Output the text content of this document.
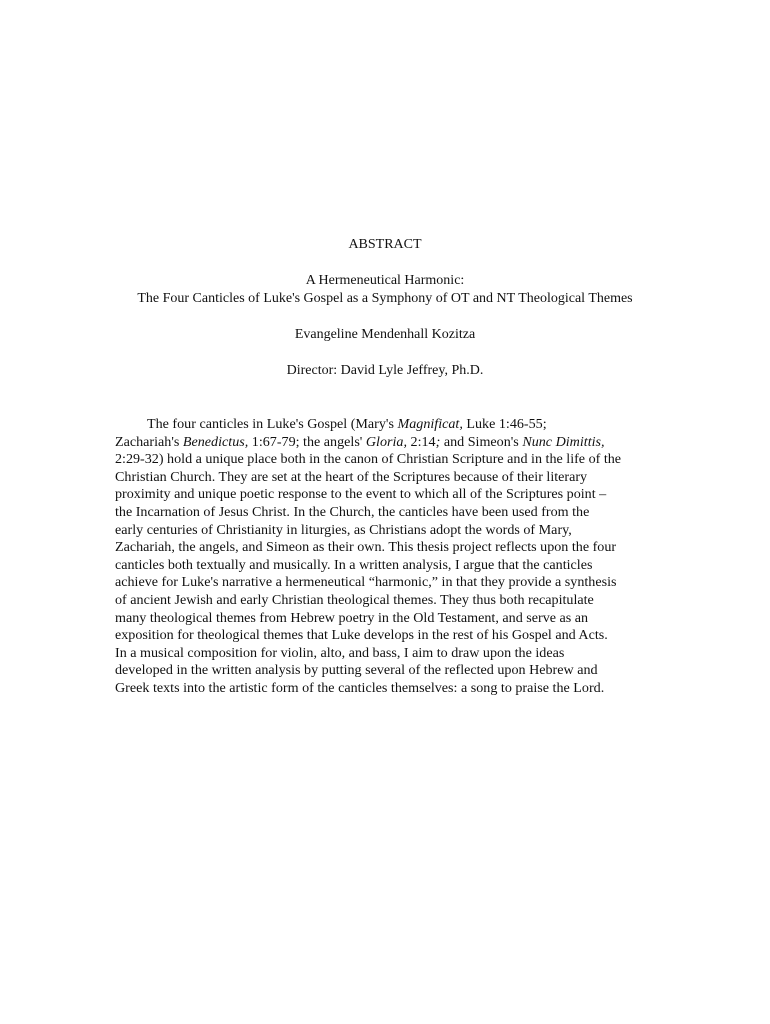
ABSTRACT
A Hermeneutical Harmonic:
The Four Canticles of Luke's Gospel as a Symphony of OT and NT Theological Themes
Evangeline Mendenhall Kozitza
Director: David Lyle Jeffrey, Ph.D.
The four canticles in Luke's Gospel (Mary's Magnificat, Luke 1:46-55;
Zachariah's Benedictus, 1:67-79; the angels' Gloria, 2:14; and Simeon's Nunc Dimittis,
2:29-32) hold a unique place both in the canon of Christian Scripture and in the life of the
Christian Church. They are set at the heart of the Scriptures because of their literary
proximity and unique poetic response to the event to which all of the Scriptures point –
the Incarnation of Jesus Christ. In the Church, the canticles have been used from the
early centuries of Christianity in liturgies, as Christians adopt the words of Mary,
Zachariah, the angels, and Simeon as their own. This thesis project reflects upon the four
canticles both textually and musically. In a written analysis, I argue that the canticles
achieve for Luke's narrative a hermeneutical “harmonic,” in that they provide a synthesis
of ancient Jewish and early Christian theological themes. They thus both recapitulate
many theological themes from Hebrew poetry in the Old Testament, and serve as an
exposition for theological themes that Luke develops in the rest of his Gospel and Acts.
In a musical composition for violin, alto, and bass, I aim to draw upon the ideas
developed in the written analysis by putting several of the reflected upon Hebrew and
Greek texts into the artistic form of the canticles themselves: a song to praise the Lord.
